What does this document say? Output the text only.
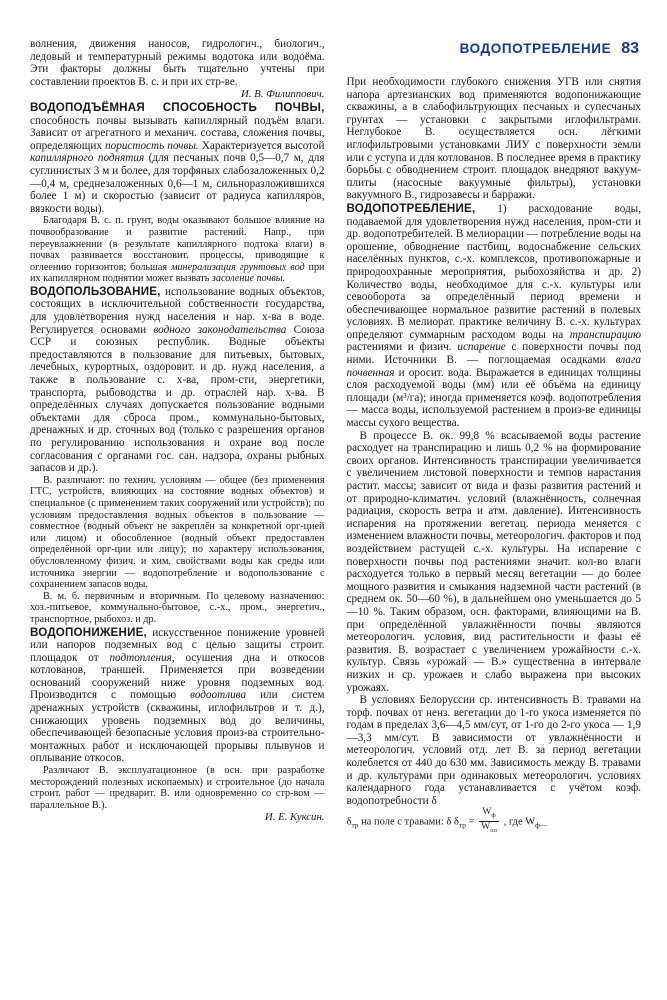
ВОДОПОТРЕБЛЕНИЕ 83

волнения, движения наносов, гидрологич., биологич., ледовый и температурный режимы водотока или водоёма. Эти факторы должны быть тщательно учтены при составлении проектов В. с. и при их стр-ве.

И. В. Филиппович.

ВОДОПОДЪЁМНАЯ СПОСОБНОСТЬ ПОЧВЫ, способность почвы вызывать капиллярный подъём влаги. Зависит от агрегатного и механич. состава, сложения почвы, определяющих пористость почвы. Характеризуется высотой капиллярного поднятия (для песчаных почв 0,5—0,7 м, для суглинистых 3 м и более, для торфяных слабозаложенных 0,2—0,4 м, среднезаложенных 0,6—1 м, сильноразложившихся более 1 м) и скоростью (зависит от радиуса капилляров, вязкости воды).

Благодаря В. с. п. грунт, воды оказывают большое влияние на почвообразование и развитие растений. Напр., при переувлажнении (в результате капиллярного подтока влаги) в почвах развивается восстановит. процессы, приводящие к оглеению горизонтов; большая минерализация грунтовых вод при их капиллярном поднятии может вызвать засоление почвы.

ВОДОПОЛЬЗОВАНИЕ, использование водных объектов, состоящих в исключительной собственности государства, для удовлетворения нужд населения и нар. х-ва в воде. Регулируется основами водного законодательства Союза ССР и союзных республик. Водные объекты предоставляются в пользование для питьевых, бытовых, лечебных, курортных, оздоровит. и др. нужд населения, а также в пользование с. х-ва, пром-сти, энергетики, транспорта, рыбоводства и др. отраслей нар. х-ва. В определённых случаях допускается пользование водными объектами для сброса пром., коммунально-бытовых, дренажных и др. сточных вод (только с разрешения органов по регулированию использования и охране вод после согласования с органами гос. сан. надзора, охраны рыбных запасов и др.).

В. различают: по технич. условиям — общее (без применения ГТС, устройств, влияющих на состояние водных объектов) и специальное (с применением таких сооружений или устройств); по условиям предоставления водных объектов в пользование — совместное (водный объект не закреплён за конкретной орг-цией или лицом) и обособленное (водный объект предоставлен определённой орг-ции или лицу); по характеру использования, обусловленному физич. и хим. свойствами воды как среды или источника энергии — водопотребление и водопользование с сохранением запасов воды.

В. м. б. первичным и вторичным. По целевому назначению: хоз.-питьевое, коммунально-бытовое, с.-х., пром., энергетич., транспортное, рыбохоз. и др.

ВОДОПОНИЖЕНИЕ, искусственное понижение уровней или напоров подземных вод с целью защиты строит. площадок от подтопления, осушения дна и откосов котлованов, траншей. Применяется при возведении оснований сооружений ниже уровня подземных вод. Производится с помощью водоотлива или систем дренажных устройств (скважины, иглофильтров и т. д.), снижающих уровень подземных вод до величины, обеспечивающей безопасные условия произ-ва строительно-монтажных работ и исключающей прорывы плывунов и оплывание откосов.

Различают В. эксплуатационное (в осн. при разработке месторождений полезных ископаемых) и строительное (до начала строит. работ — предварит. В. или одновременно со стр-вом — параллельное В.).

И. Е. Куксин.

При необходимости глубокого снижения УГВ или снятия напора артезианских вод применяются водопонижающие скважины, а в слабофильтрующих песчаных и супесчаных грунтах — установки с закрытыми иглофильтрами. Неглубокое В. осуществляется осн. лёгкими иглофильтровыми установками ЛИУ с поверхности земли или с уступа и для котлованов. В последнее время в практику борьбы с обводнением строит. площадок внедряют вакуум-плиты (насосные вакуумные фильтры), установки вакуумного В., гидрозавесы и барражи.

ВОДОПОТРЕБЛЕНИЕ, 1) расходование воды, подаваемой для удовлетворения нужд населения, пром-сти и др. водопотребителей. В мелиорации — потребление воды на орошение, обводнение пастбищ, водоснабжение сельских населённых пунктов, с.-х. комплексов, противопожарные и природоохранные мероприятия, рыбохозяйства и др. 2) Количество воды, необходимое для с.-х. культуры или севооборота за определённый период времени и обеспечивающее нормальное развитие растений в полевых условиях. В мелиорат. практике величину В. с.-х. культурах определяют суммарным расходом воды на транспирацию растениями и физич. испарение с поверхности почвы под ними. Источники В. — поглощаемая осадками влага почвенная и оросит. вода. Выражается в единицах толщины слоя расходуемой воды (мм) или её объёма на единицу площади (м³/га); иногда применяется коэф. водопотребления — масса воды, используемой растением в произ-ве единицы массы сухого вещества.

В процессе В. ок. 99,8 % всасываемой воды растение расходует на транспирацию и лишь 0,2 % на формирование своих органов. Интенсивность транспирации увеличивается с увеличением листовой поверхности и темпов нарастания растит. массы; зависит от вида и фазы развития растений и от природно-климатич. условий (влажнённость, солнечная радиация, скорость ветра и атм. давление). Интенсивность испарения на протяжении вегетац. периода меняется с изменением влажности почвы, метеорологич. факторов и под воздействием растущей с.-х. культуры. На испарение с поверхности почвы под растениями значит. кол-во влаги расходуется только в первый месяц вегетации — до более мощного развития и смыкания надземной части растений (в среднем ок. 50—60 %), в дальнейшем оно уменьшается до 5—10 %. Таким образом, осн. факторами, влияющими на В. при определённой увлажнённости почвы являются метеорологич. условия, вид растительности и фазы её развития. В. возрастает с увеличением урожайности с.-х. культур. Связь «урожай — В.» существенна в интервале низких и ср. урожаев и слабо выражена при высоких урожаях.

В условиях Белоруссии ср. интенсивность В. травами на торф. почвах от ненз. вегетации до 1-го укоса изменяется по годам в пределах 3,6—4,5 мм/сут, от 1-го до 2-го укоса — 1,9—3,3 мм/сут. В зависимости от увлажнённости и метеорологич. условий отд. лет В. за период вегетации колеблется от 440 до 630 мм. Зависимость между В. травами и др. культурами при одинаковых метеорологич. условиях календарного года устанавливается с учётом коэф. водопотребности δ

$\delta_{тр}$ на поле с травами: δ $\delta_{тр} = \frac{W_ф}{W_{оп}}$ , где $W_{ф—}$
